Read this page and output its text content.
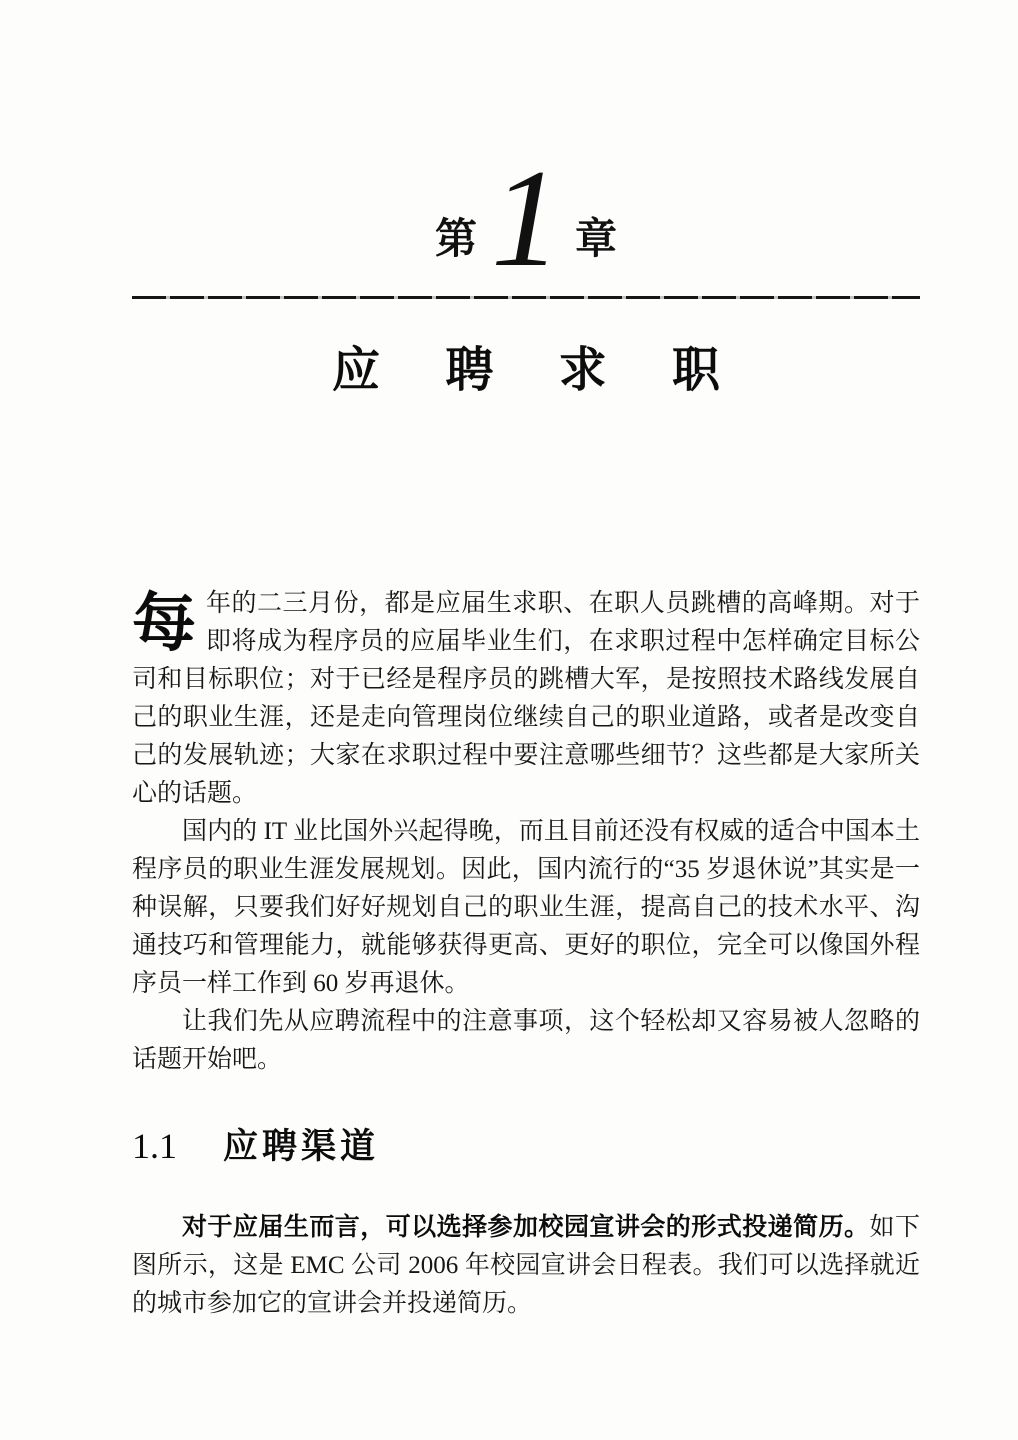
第 1 章
应 聘 求 职

每 年的二三月份，都是应届生求职、在职人员跳槽的高峰期。对于即将成为程序员的应届毕业生们，在求职过程中怎样确定目标公司和目标职位；对于已经是程序员的跳槽大军，是按照技术路线发展自己的职业生涯，还是走向管理岗位继续自己的职业道路，或者是改变自己的发展轨迹；大家在求职过程中要注意哪些细节？这些都是大家所关心的话题。

国内的 IT 业比国外兴起得晚，而且目前还没有权威的适合中国本土程序员的职业生涯发展规划。因此，国内流行的“35 岁退休说”其实是一种误解，只要我们好好规划自己的职业生涯，提高自己的技术水平、沟通技巧和管理能力，就能够获得更高、更好的职位，完全可以像国外程序员一样工作到 60 岁再退休。

让我们先从应聘流程中的注意事项，这个轻松却又容易被人忽略的话题开始吧。

1.1 应聘渠道

对于应届生而言，可以选择参加校园宣讲会的形式投递简历。如下图所示，这是 EMC 公司 2006 年校园宣讲会日程表。我们可以选择就近的城市参加它的宣讲会并投递简历。
